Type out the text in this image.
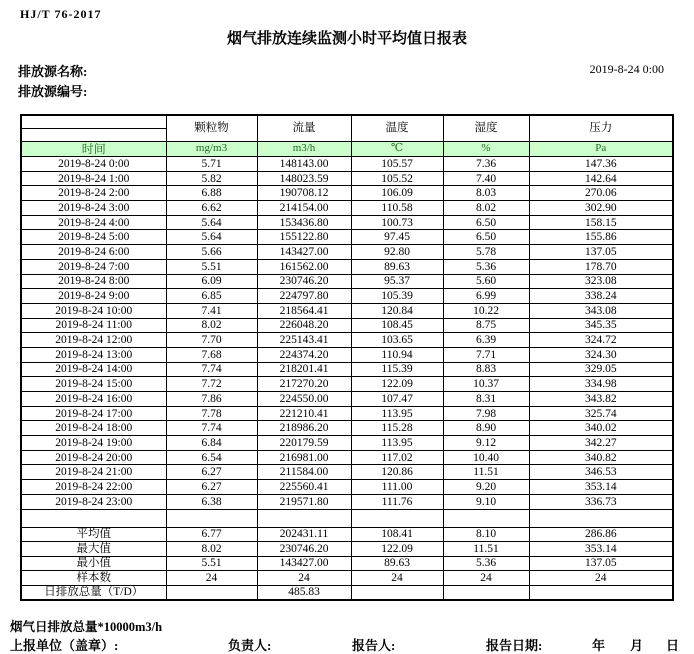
HJ/T 76-2017
烟气排放连续监测小时平均值日报表
排放源名称:
排放源编号:
2019-8-24 0:00
	颗粒物	流量	温度	湿度	压力

时间	mg/m3	m3/h	℃	%	Pa
2019-8-24 0:00	5.71	148143.00	105.57	7.36	147.36
2019-8-24 1:00	5.82	148023.59	105.52	7.40	142.64
2019-8-24 2:00	6.88	190708.12	106.09	8.03	270.06
2019-8-24 3:00	6.62	214154.00	110.58	8.02	302.90
2019-8-24 4:00	5.64	153436.80	100.73	6.50	158.15
2019-8-24 5:00	5.64	155122.80	97.45	6.50	155.86
2019-8-24 6:00	5.66	143427.00	92.80	5.78	137.05
2019-8-24 7:00	5.51	161562.00	89.63	5.36	178.70
2019-8-24 8:00	6.09	230746.20	95.37	5.60	323.08
2019-8-24 9:00	6.85	224797.80	105.39	6.99	338.24
2019-8-24 10:00	7.41	218564.41	120.84	10.22	343.08
2019-8-24 11:00	8.02	226048.20	108.45	8.75	345.35
2019-8-24 12:00	7.70	225143.41	103.65	6.39	324.72
2019-8-24 13:00	7.68	224374.20	110.94	7.71	324.30
2019-8-24 14:00	7.74	218201.41	115.39	8.83	329.05
2019-8-24 15:00	7.72	217270.20	122.09	10.37	334.98
2019-8-24 16:00	7.86	224550.00	107.47	8.31	343.82
2019-8-24 17:00	7.78	221210.41	113.95	7.98	325.74
2019-8-24 18:00	7.74	218986.20	115.28	8.90	340.02
2019-8-24 19:00	6.84	220179.59	113.95	9.12	342.27
2019-8-24 20:00	6.54	216981.00	117.02	10.40	340.82
2019-8-24 21:00	6.27	211584.00	120.86	11.51	346.53
2019-8-24 22:00	6.27	225560.41	111.00	9.20	353.14
2019-8-24 23:00	6.38	219571.80	111.76	9.10	336.73

平均值	6.77	202431.11	108.41	8.10	286.86
最大值	8.02	230746.20	122.09	11.51	353.14
最小值	5.51	143427.00	89.63	5.36	137.05
样本数	24	24	24	24	24
日排放总量（T/D）		485.83			
烟气日排放总量*10000m3/h
上报单位（盖章）:	负责人:	报告人:	报告日期:	年 月 日
